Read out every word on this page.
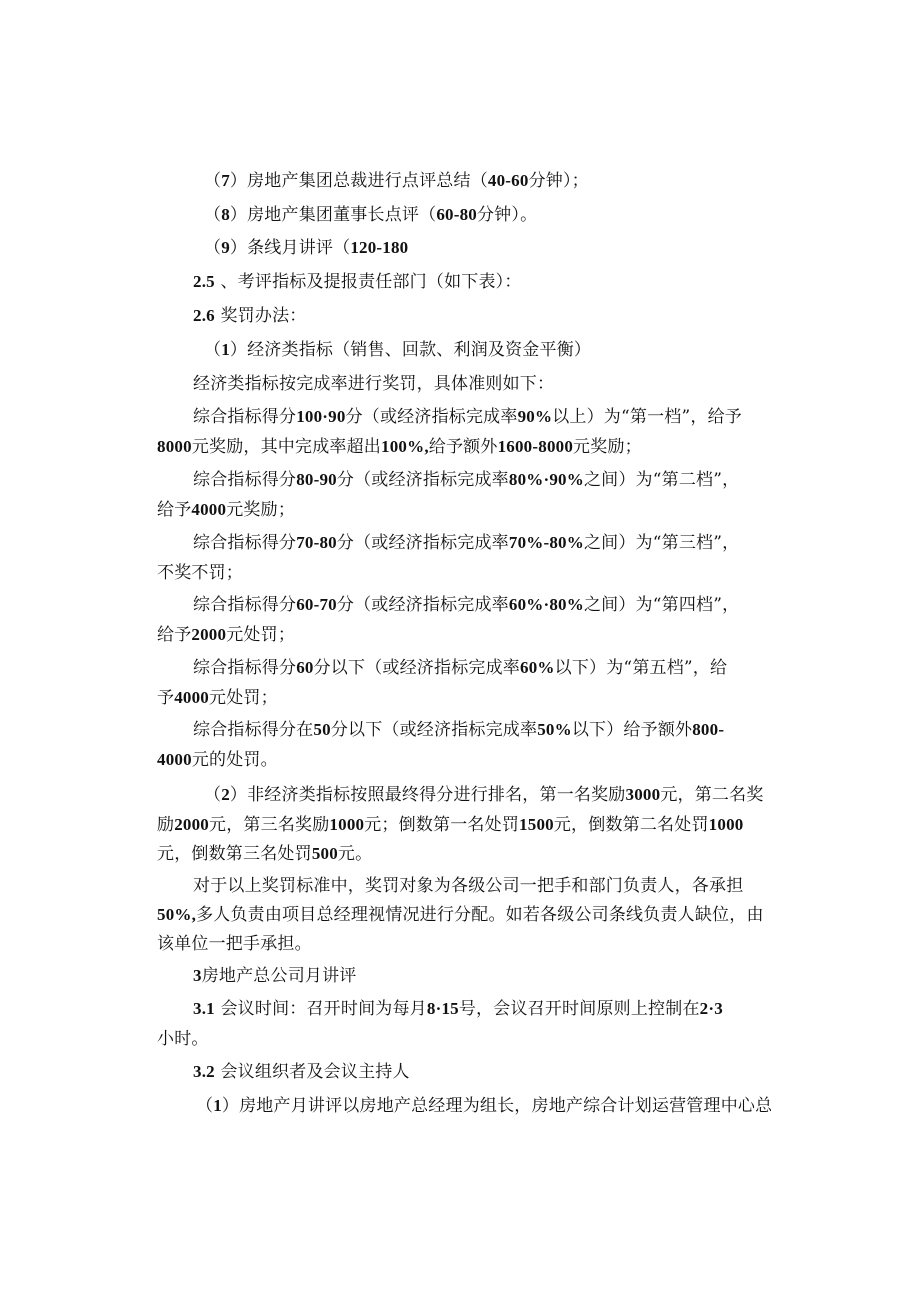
（7）房地产集团总裁进行点评总结（40-60分钟）；
（8）房地产集团董事长点评（60-80分钟）。
（9）条线月讲评（120-180
2.5 、考评指标及提报责任部门（如下表）：
2.6 奖罚办法：
（1）经济类指标（销售、回款、利润及资金平衡）
经济类指标按完成率进行奖罚，具体准则如下：
综合指标得分100·90分（或经济指标完成率90%以上）为“第一档”，给予
8000元奖励，其中完成率超出100%,给予额外1600-8000元奖励；
综合指标得分80-90分（或经济指标完成率80%·90%之间）为“第二档”，
给予4000元奖励；
综合指标得分70-80分（或经济指标完成率70%-80%之间）为“第三档”，
不奖不罚；
综合指标得分60-70分（或经济指标完成率60%·80%之间）为“第四档”，
给予2000元处罚；
综合指标得分60分以下（或经济指标完成率60%以下）为“第五档”，给
予4000元处罚；
综合指标得分在50分以下（或经济指标完成率50%以下）给予额外800-
4000元的处罚。
（2）非经济类指标按照最终得分进行排名，第一名奖励3000元，第二名奖
励2000元，第三名奖励1000元；倒数第一名处罚1500元，倒数第二名处罚1000
元，倒数第三名处罚500元。
对于以上奖罚标准中，奖罚对象为各级公司一把手和部门负责人，各承担
50%,多人负责由项目总经理视情况进行分配。如若各级公司条线负责人缺位，由
该单位一把手承担。
3房地产总公司月讲评
3.1 会议时间：召开时间为每月8·15号，会议召开时间原则上控制在2·3
小时。
3.2 会议组织者及会议主持人
（1）房地产月讲评以房地产总经理为组长，房地产综合计划运营管理中心总
